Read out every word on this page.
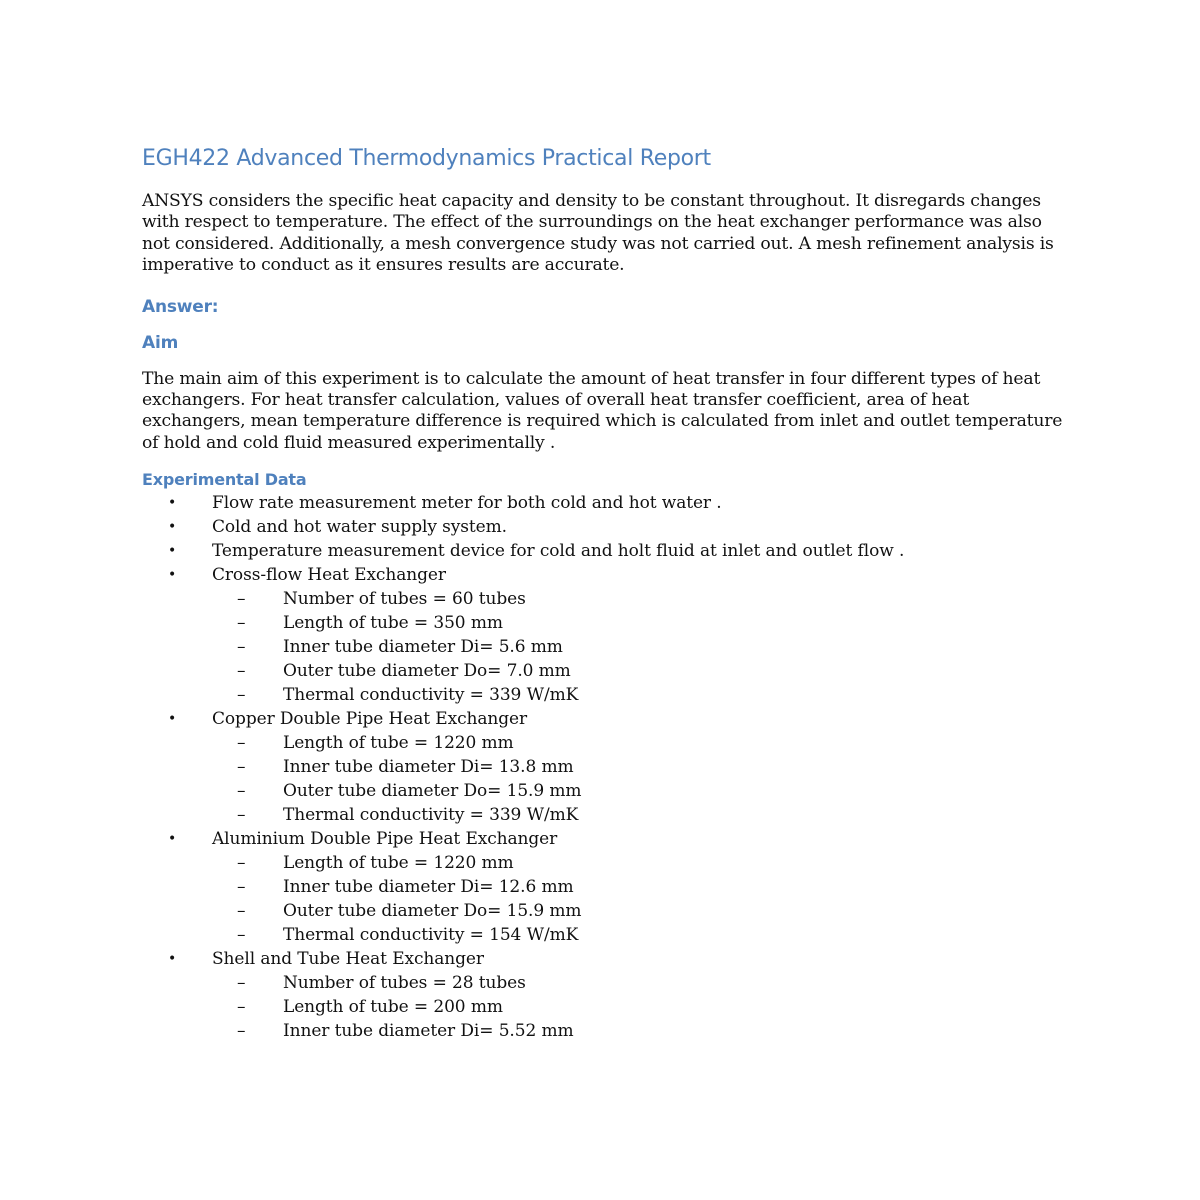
EGH422 Advanced Thermodynamics Practical Report

ANSYS considers the specific heat capacity and density to be constant throughout. It disregards changes with respect to temperature. The effect of the surroundings on the heat exchanger performance was also not considered. Additionally, a mesh convergence study was not carried out. A mesh refinement analysis is imperative to conduct as it ensures results are accurate.

Answer:
Aim

The main aim of this experiment is to calculate the amount of heat transfer in four different types of heat exchangers. For heat transfer calculation, values of overall heat transfer coefficient, area of heat exchangers, mean temperature difference is required which is calculated from inlet and outlet temperature of hold and cold fluid measured experimentally .

Experimental Data
• Flow rate measurement meter for both cold and hot water .
• Cold and hot water supply system.
• Temperature measurement device for cold and holt fluid at inlet and outlet flow .
• Cross-flow Heat Exchanger
– Number of tubes = 60 tubes
– Length of tube = 350 mm
– Inner tube diameter Di= 5.6 mm
– Outer tube diameter Do= 7.0 mm
– Thermal conductivity = 339 W/mK
• Copper Double Pipe Heat Exchanger
– Length of tube = 1220 mm
– Inner tube diameter Di= 13.8 mm
– Outer tube diameter Do= 15.9 mm
– Thermal conductivity = 339 W/mK
• Aluminium Double Pipe Heat Exchanger
– Length of tube = 1220 mm
– Inner tube diameter Di= 12.6 mm
– Outer tube diameter Do= 15.9 mm
– Thermal conductivity = 154 W/mK
• Shell and Tube Heat Exchanger
– Number of tubes = 28 tubes
– Length of tube = 200 mm
– Inner tube diameter Di= 5.52 mm
